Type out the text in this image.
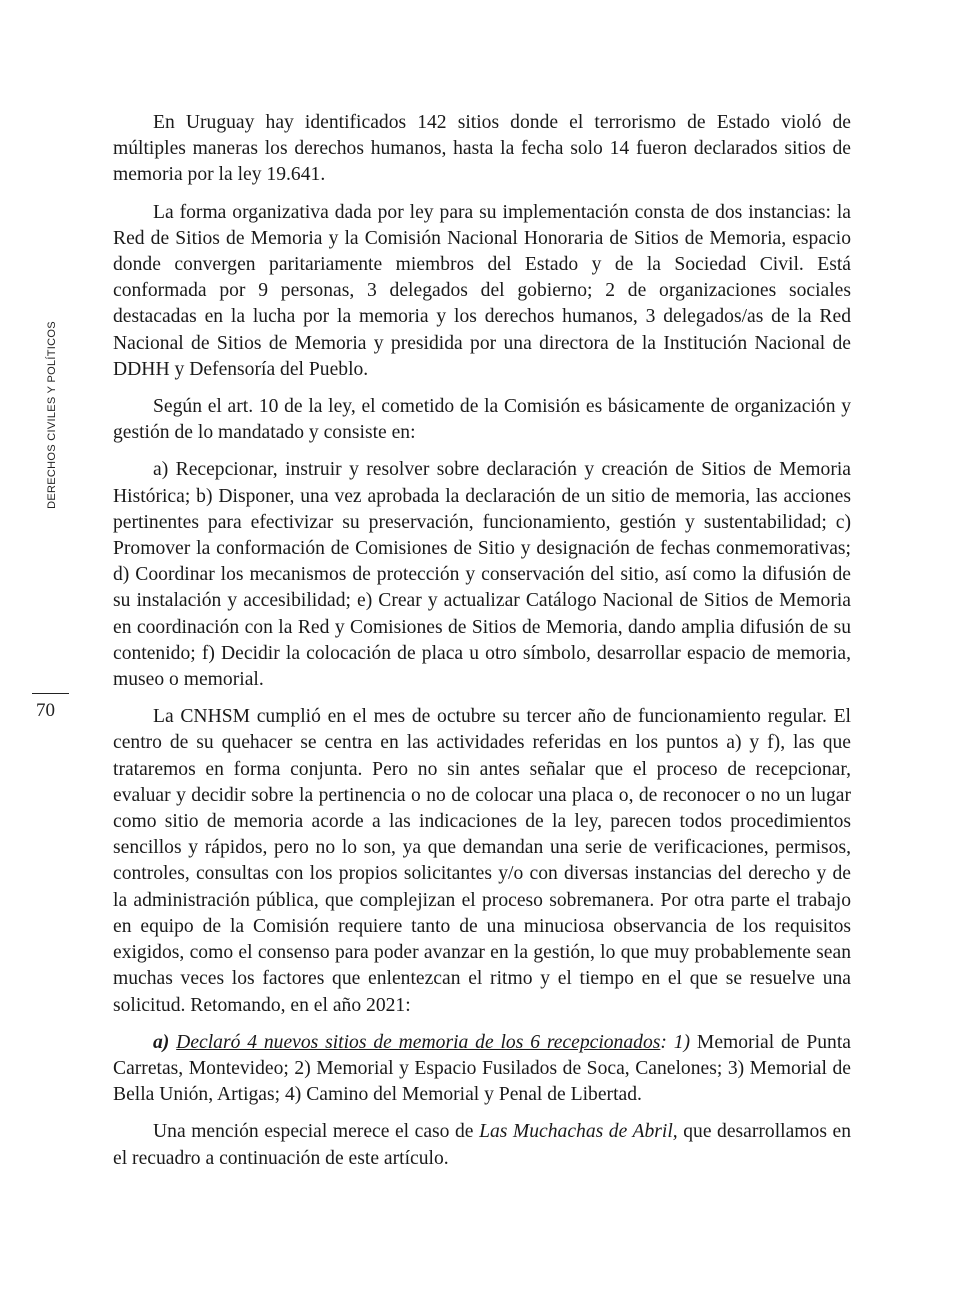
DERECHOS CIVILES Y POLÍTICOS
70

En Uruguay hay identificados 142 sitios donde el terrorismo de Estado violó de múltiples maneras los derechos humanos, hasta la fecha solo 14 fueron declarados sitios de memoria por la ley 19.641.

La forma organizativa dada por ley para su implementación consta de dos instancias: la Red de Sitios de Memoria y la Comisión Nacional Honoraria de Sitios de Memoria, espacio donde convergen paritariamente miembros del Estado y de la Sociedad Civil. Está conformada por 9 personas, 3 delegados del gobierno; 2 de organizaciones sociales destacadas en la lucha por la memoria y los derechos humanos, 3 delegados/as de la Red Nacional de Sitios de Memoria y presidida por una directora de la Institución Nacional de DDHH y Defensoría del Pueblo.

Según el art. 10 de la ley, el cometido de la Comisión es básicamente de organización y gestión de lo mandatado y consiste en:

a) Recepcionar, instruir y resolver sobre declaración y creación de Sitios de Memoria Histórica; b) Disponer, una vez aprobada la declaración de un sitio de memoria, las acciones pertinentes para efectivizar su preservación, funcionamiento, gestión y sustentabilidad; c) Promover la conformación de Comisiones de Sitio y designación de fechas conmemorativas; d) Coordinar los mecanismos de protección y conservación del sitio, así como la difusión de su instalación y accesibilidad; e) Crear y actualizar Catálogo Nacional de Sitios de Memoria en coordinación con la Red y Comisiones de Sitios de Memoria, dando amplia difusión de su contenido; f) Decidir la colocación de placa u otro símbolo, desarrollar espacio de memoria, museo o memorial.

La CNHSM cumplió en el mes de octubre su tercer año de funcionamiento regular. El centro de su quehacer se centra en las actividades referidas en los puntos a) y f), las que trataremos en forma conjunta. Pero no sin antes señalar que el proceso de recepcionar, evaluar y decidir sobre la pertinencia o no de colocar una placa o, de reconocer o no un lugar como sitio de memoria acorde a las indicaciones de la ley, parecen todos procedimientos sencillos y rápidos, pero no lo son, ya que demandan una serie de verificaciones, permisos, controles, consultas con los propios solicitantes y/o con diversas instancias del derecho y de la administración pública, que complejizan el proceso sobremanera. Por otra parte el trabajo en equipo de la Comisión requiere tanto de una minuciosa observancia de los requisitos exigidos, como el consenso para poder avanzar en la gestión, lo que muy probablemente sean muchas veces los factores que enlentezcan el ritmo y el tiempo en el que se resuelve una solicitud. Retomando, en el año 2021:

a) Declaró 4 nuevos sitios de memoria de los 6 recepcionados: 1) Memorial de Punta Carretas, Montevideo; 2) Memorial y Espacio Fusilados de Soca, Canelones; 3) Memorial de Bella Unión, Artigas; 4) Camino del Memorial y Penal de Libertad.

Una mención especial merece el caso de Las Muchachas de Abril, que desarrollamos en el recuadro a continuación de este artículo.
